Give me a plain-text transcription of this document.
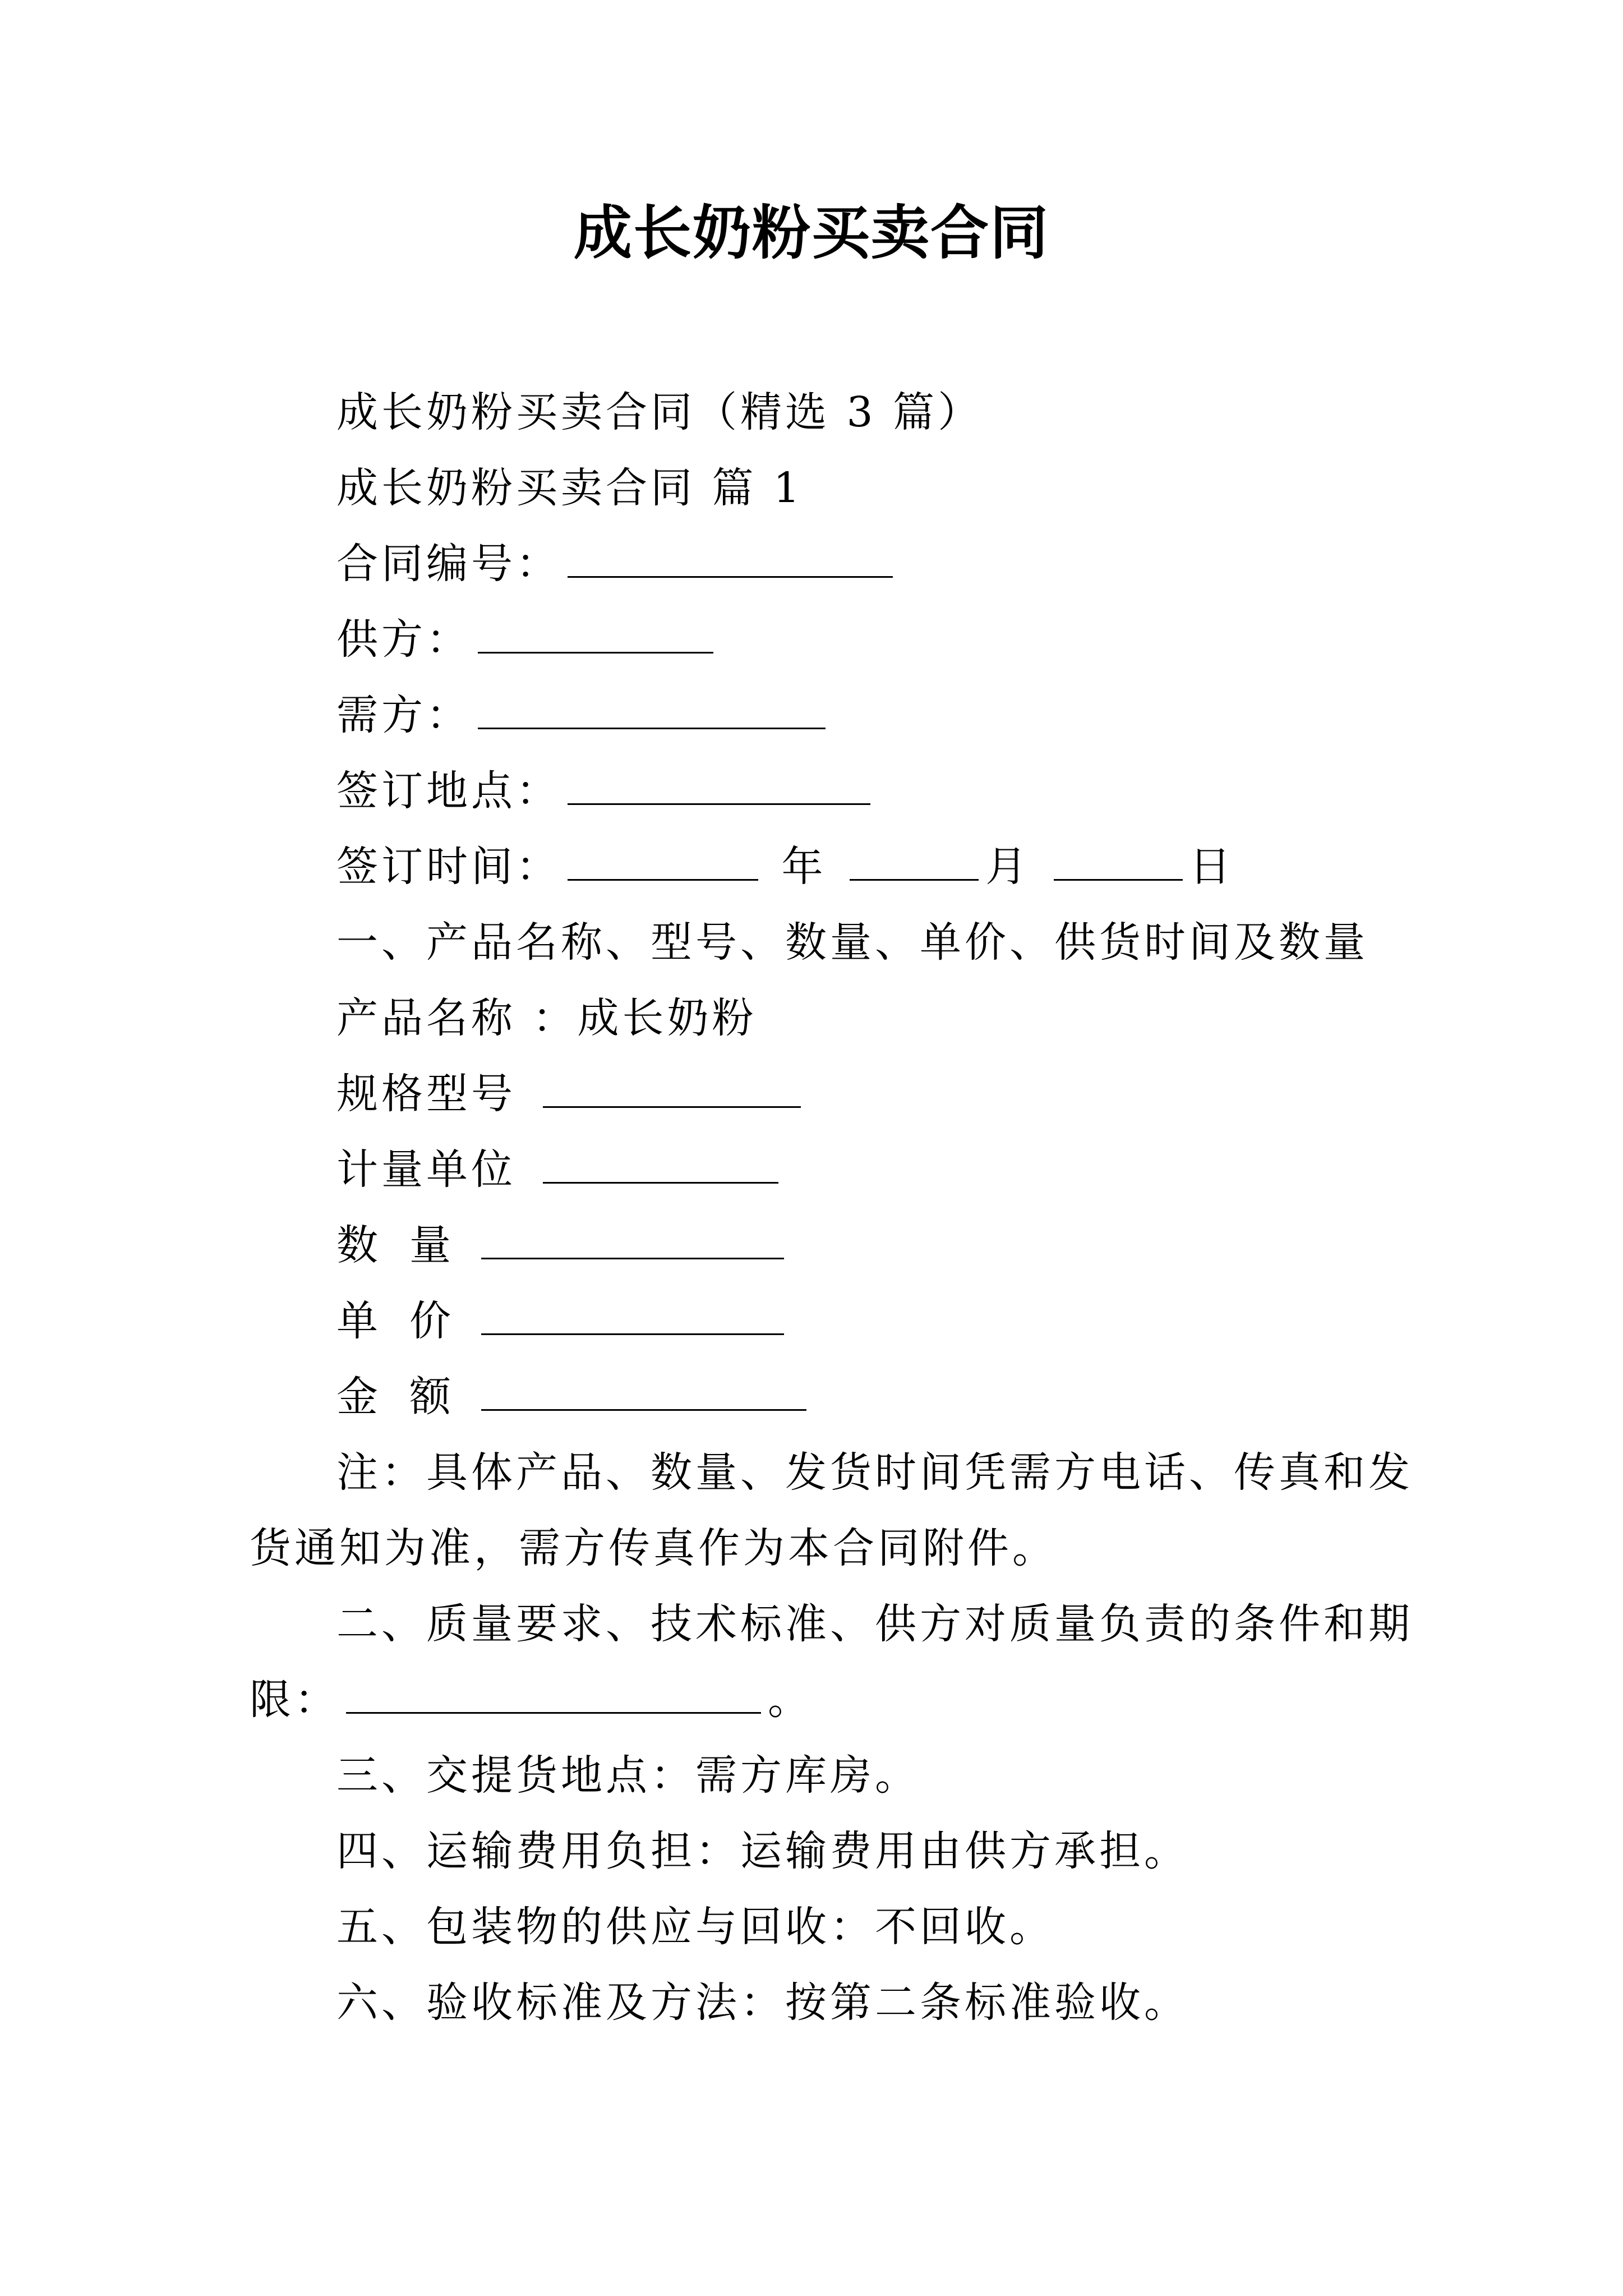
成长奶粉买卖合同
成长奶粉买卖合同（精选 3 篇）
成长奶粉买卖合同 篇 1
合同编号：
供方：
需方：
签订地点：
签订时间：	年	月	日
一、产品名称、型号、数量、单价、供货时间及数量
产品名称 ：成长奶粉
规格型号
计量单位
数 量
单 价
金 额
注：具体产品、数量、发货时间凭需方电话、传真和发
货通知为准，需方传真作为本合同附件。
二、质量要求、技术标准、供方对质量负责的条件和期
限：	。
三、交提货地点：需方库房。
四、运输费用负担：运输费用由供方承担。
五、包装物的供应与回收：不回收。
六、验收标准及方法：按第二条标准验收。
